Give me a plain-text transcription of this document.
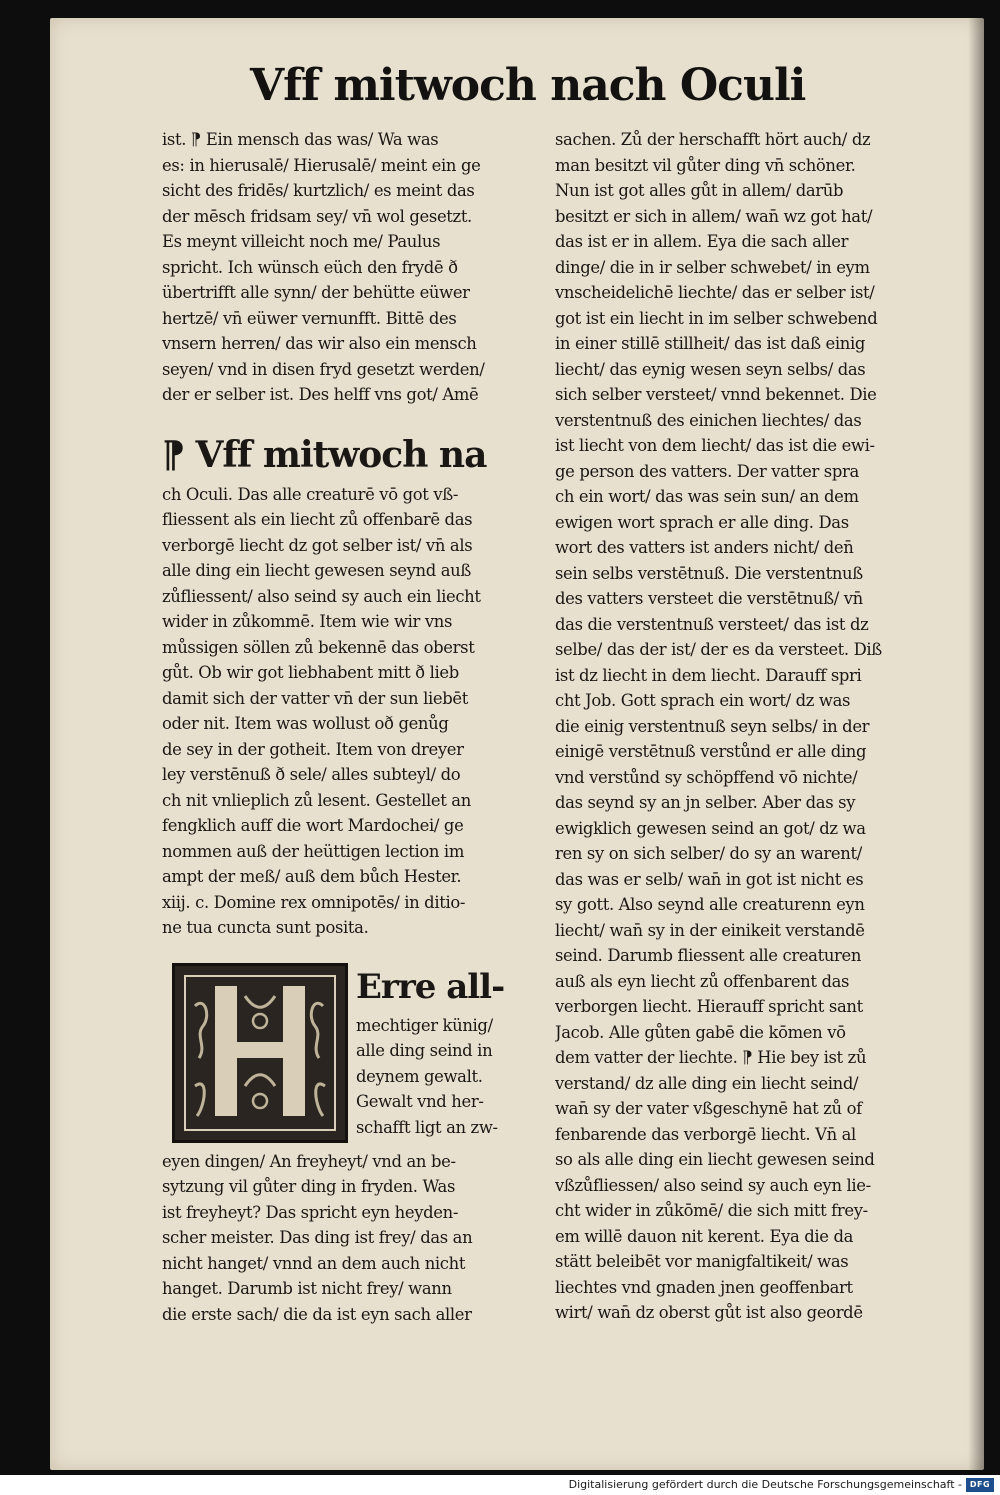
Vff mitwoch nach Oculi
ist. ⁋ Ein mensch das was/ Wa was
es: in hierusalē/ Hierusalē/ meint ein ge
sicht des fridēs/ kurtzlich/ es meint das
der mēsch fridsam sey/ vn̄ wol gesetzt.
Es meynt villeicht noch me/ Paulus
spricht. Ich wünsch eüch den frydē ð
übertrifft alle synn/ der behütte eüwer
hertzē/ vn̄ eüwer vernunfft. Bittē des
vnsern herren/ das wir also ein mensch
seyen/ vnd in disen fryd gesetzt werden/
der er selber ist. Des helff vns got/ Amē
⁋ Vff mitwoch na
ch Oculi. Das alle creaturē vō got vß-
fliessent als ein liecht zů offenbarē das
verborgē liecht dz got selber ist/ vn̄ als
alle ding ein liecht gewesen seynd auß
zůfliessent/ also seind sy auch ein liecht
wider in zůkommē. Item wie wir vns
můssigen söllen zů bekennē das oberst
gůt. Ob wir got liebhabent mitt ð lieb
damit sich der vatter vn̄ der sun liebēt
oder nit. Item was wollust oð genůg
de sey in der gotheit. Item von dreyer
ley verstēnuß ð sele/ alles subteyl/ do
ch nit vnlieplich zů lesent. Gestellet an
fengklich auff die wort Mardochei/ ge
nommen auß der heüttigen lection im
ampt der meß/ auß dem bůch Hester.
xiij. c. Domine rex omnipotēs/ in ditio-
ne tua cuncta sunt posita.
Erre all-
mechtiger künig/
alle ding seind in
deynem gewalt.
Gewalt vnd her-
schafft ligt an zw-
eyen dingen/ An freyheyt/ vnd an be-
sytzung vil gůter ding in fryden. Was
ist freyheyt? Das spricht eyn heyden-
scher meister. Das ding ist frey/ das an
nicht hanget/ vnnd an dem auch nicht
hanget. Darumb ist nicht frey/ wann
die erste sach/ die da ist eyn sach aller
sachen. Zů der herschafft hört auch/ dz
man besitzt vil gůter ding vn̄ schöner.
Nun ist got alles gůt in allem/ darūb
besitzt er sich in allem/ wan̄ wz got hat/
das ist er in allem. Eya die sach aller
dinge/ die in ir selber schwebet/ in eym
vnscheidelichē liechte/ das er selber ist/
got ist ein liecht in im selber schwebend
in einer stillē stillheit/ das ist daß einig
liecht/ das eynig wesen seyn selbs/ das
sich selber versteet/ vnnd bekennet. Die
verstentnuß des einichen liechtes/ das
ist liecht von dem liecht/ das ist die ewi-
ge person des vatters. Der vatter spra
ch ein wort/ das was sein sun/ an dem
ewigen wort sprach er alle ding. Das
wort des vatters ist anders nicht/ den̄
sein selbs verstētnuß. Die verstentnuß
des vatters versteet die verstētnuß/ vn̄
das die verstentnuß versteet/ das ist dz
selbe/ das der ist/ der es da versteet. Diß
ist dz liecht in dem liecht. Darauff spri
cht Job. Gott sprach ein wort/ dz was
die einig verstentnuß seyn selbs/ in der
einigē verstētnuß verstůnd er alle ding
vnd verstůnd sy schöpffend vō nichte/
das seynd sy an jn selber. Aber das sy
ewigklich gewesen seind an got/ dz wa
ren sy on sich selber/ do sy an warent/
das was er selb/ wan̄ in got ist nicht es
sy gott. Also seynd alle creaturenn eyn
liecht/ wan̄ sy in der einikeit verstandē
seind. Darumb fliessent alle creaturen
auß als eyn liecht zů offenbarent das
verborgen liecht. Hierauff spricht sant
Jacob. Alle gůten gabē die kōmen vō
dem vatter der liechte. ⁋ Hie bey ist zů
verstand/ dz alle ding ein liecht seind/
wan̄ sy der vater vßgeschynē hat zů of
fenbarende das verborgē liecht. Vn̄ al
so als alle ding ein liecht gewesen seind
vßzůfliessen/ also seind sy auch eyn lie-
cht wider in zůkōmē/ die sich mitt frey-
em willē dauon nit kerent. Eya die da
stätt beleibēt vor manigfaltikeit/ was
liechtes vnd gnaden jnen geoffenbart
wirt/ wan̄ dz oberst gůt ist also geordē
Digitalisierung gefördert durch die Deutsche Forschungsgemeinschaft - DFG
